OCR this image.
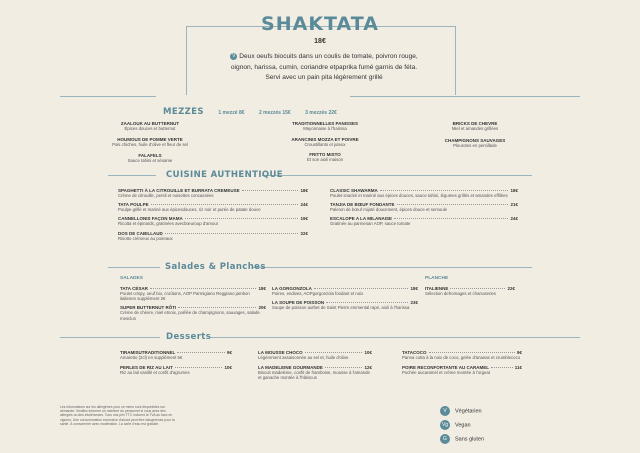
SHAKTATA
18€
V Deux oeufs biocuits dans un coulis de tomate, poivron rouge, oignon, harissa, cumin, coriandre etpaprika fumé garnis de féta. Servi avec un pain pita légèrement grillé
MEZZES	1 mezzé 8€	2 mezzés 15€	3 mezzés 22€
ZAALOUK AU BUTTERNUT
Épices douces et butternut
HOUMOUS DE POMME VERTE
Pois chiches, huile d'olive et fleur de sel
FALAFELS
Sauce tahini et sésame
TRADITIONNELLES PANISSES
Mayonnaise à l'harissa
ARANCINIS MOZZA ET POIVRE
Croustillants et juteux
FRITTO MISTO
Et son aioli maison
BRICKS DE CHEVRE
Miel et amandes grillées
CHAMPIGNONS SAUVAGES
Pleurotes en persillade
CUISINE AUTHENTIQUE
SPAGHETTI À LA CITROUILLE ET BURRATA CREMEUSE	18€
Crème de citrouille, persil et noisettes concassées
TATA POULPE	24€
Poulpe grillé et mariné aux épicesdouces, riz noir et purée de patate douce
CANNELLONIS FAÇON MAMA	19€
Ricotta et épinards, gratinées avecbœuroup d'amour
DOS DE CABILLAUD	22€
Risotto crémeux au poireaux
CLASSIC SHAWARMA	18€
Poulet snacké et mariné aux épices douces, sauce tahini, légumes grillés et amandes effilées
TANJIA DE BŒUF FONDANTE	21€
Paleron de bœuf mijoté doucement, épices douce et semoule
ESCALOPE A LA MILANAISE	24€
Gratinée au parmesan AOP, sauce tomate
Salades & Planches
SALADES	PLANCHE
TATA CÉSAR	18€
Poulet crispy, oeuf bio, croûtons, AOP Parmigiano Reggiano jambon italienen supplément 2€
SUPER BUTTERNUT RÔTI	20€
Crème de chèvre, miel etnoix, poêlée de champignons, sauvages, salade mesclun
LA GORGONZOLA	18€
Poires, endives, AOPgorgonzola fondant et noix
LA SOUPE DE POISSON	23€
Soupe de poisson authet de Saint Pierre emmental rapé, aioli à l'harissa
ITALIENNE	22€
Sélection defromages et charcuteries
Desserts
TIRAMISUTRADITIONNEL	9€
Amaretto (2cl) en supplément 5€
PERLES DE RIZ AU LAIT	10€
Riz au lait vanillé et confit d'agrumes
LA MOUSSE CHOCO	10€
Légèrement assaisonnée au sel et, huile d'olive
LA MADELEINE GOURMANDE	12€
Biscuit madeleine, confit de framboise, mousse à l'amande et ganache montée à l'hibiscus
TATACOCO	9€
Panna cotta à la noix de coco, gelée d'ananas et crumblecoco
POIRE RECONFORTANTE AU CARAMEL	11€
Pochée aucaramel et crème montée à l'orgeat
Les informations sur les allergènes pour ce menu sont disponibles sur demande. Veuillez informer un membre du personnel si vous avez des allergies ou des intolérances. Tous nos prix TTC incluent la TVA au taux en vigueur. Une consommation excessive d'alcool peut être dangereuse pour la santé. À consommer avec modération. La carte d'eau est gratuite.
V Végétarien
Vg Vegan
G Sans gluten
